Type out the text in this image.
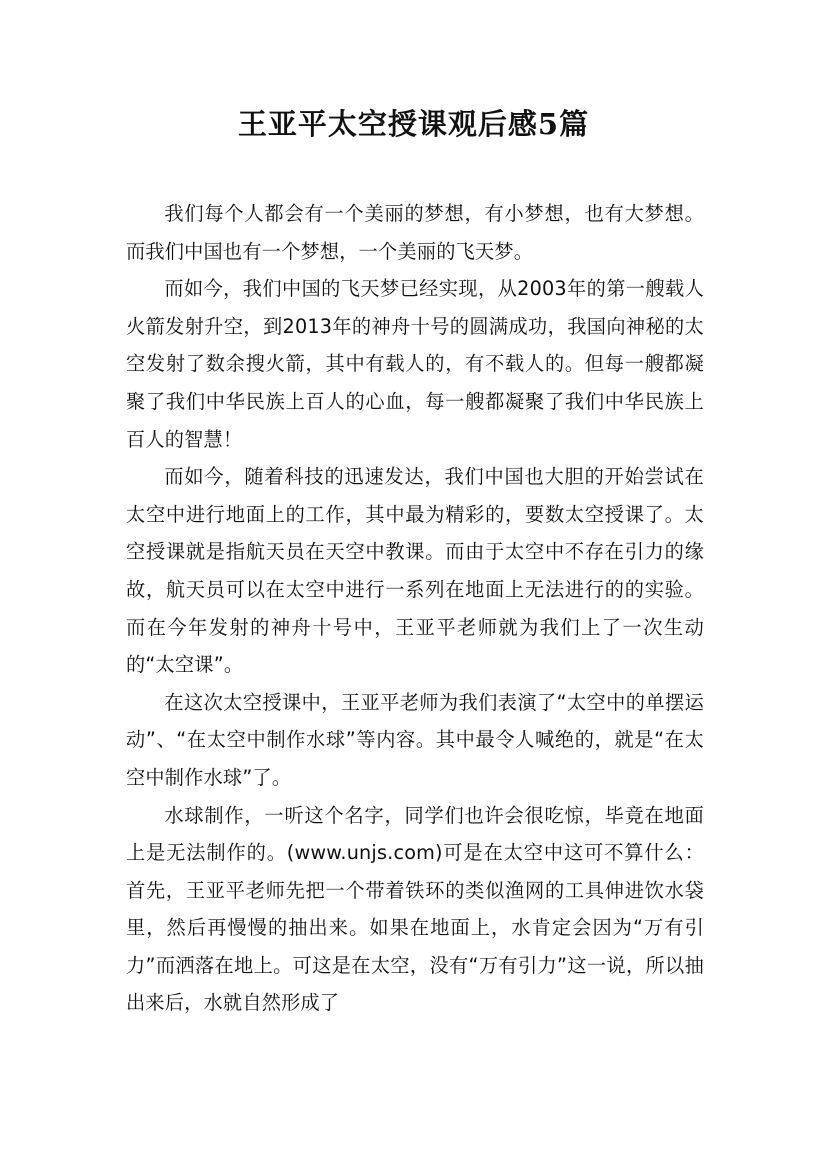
王亚平太空授课观后感5篇

我们每个人都会有一个美丽的梦想，有小梦想，也有大梦想。而我们中国也有一个梦想，一个美丽的飞天梦。

而如今，我们中国的飞天梦已经实现，从2003年的第一艘载人火箭发射升空，到2013年的神舟十号的圆满成功，我国向神秘的太空发射了数余搜火箭，其中有载人的，有不载人的。但每一艘都凝聚了我们中华民族上百人的心血，每一艘都凝聚了我们中华民族上百人的智慧！

而如今，随着科技的迅速发达，我们中国也大胆的开始尝试在太空中进行地面上的工作，其中最为精彩的，要数太空授课了。太空授课就是指航天员在天空中教课。而由于太空中不存在引力的缘故，航天员可以在太空中进行一系列在地面上无法进行的的实验。而在今年发射的神舟十号中，王亚平老师就为我们上了一次生动的“太空课”。

在这次太空授课中，王亚平老师为我们表演了“太空中的单摆运动”、“在太空中制作水球”等内容。其中最令人喊绝的，就是“在太空中制作水球”了。

水球制作，一听这个名字，同学们也许会很吃惊，毕竟在地面上是无法制作的。(www.unjs.com)可是在太空中这可不算什么：首先，王亚平老师先把一个带着铁环的类似渔网的工具伸进饮水袋里，然后再慢慢的抽出来。如果在地面上，水肯定会因为“万有引力”而洒落在地上。可这是在太空，没有“万有引力”这一说，所以抽出来后，水就自然形成了
